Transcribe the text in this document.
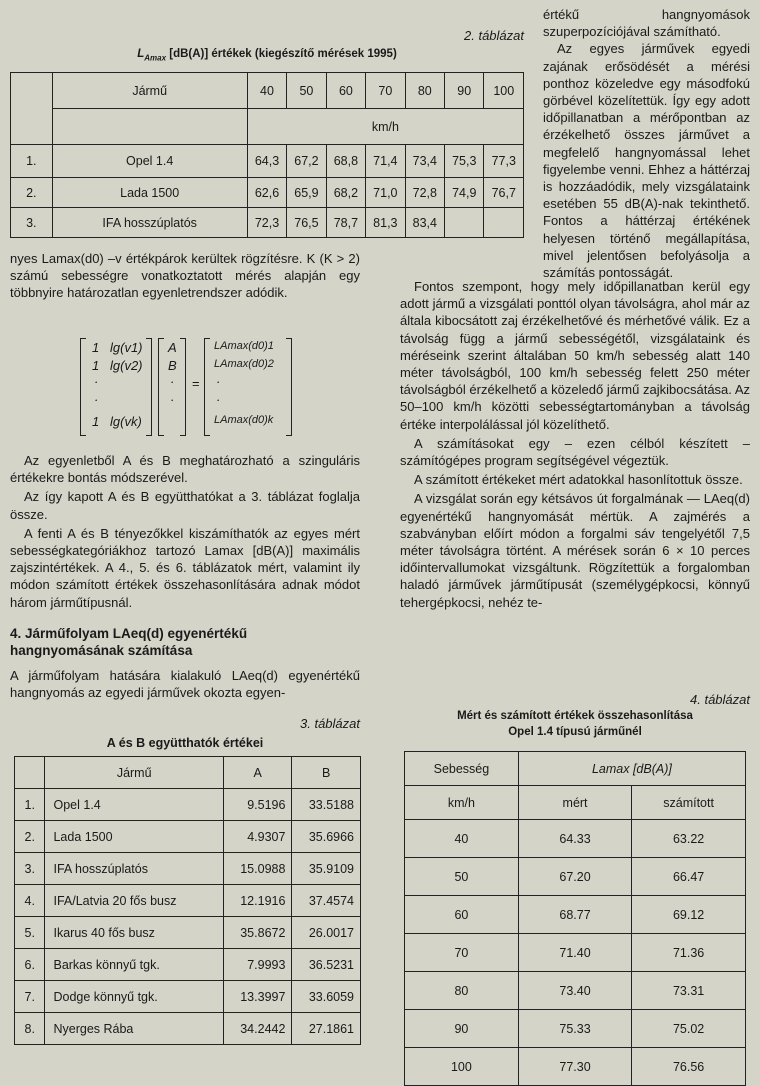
2. táblázat
$L_{Amax}$ [dB(A)] értékek (kiegészítő mérések 1995)
	Jármű	40	50	60	70	80	90	100
		km/h						
1.	Opel 1.4	64,3	67,2	68,8	71,4	73,4	75,3	77,3
2.	Lada 1500	62,6	65,9	68,2	71,0	72,8	74,9	76,7
3.	IFA hosszúplatós	72,3	76,5	78,7	81,3	83,4		

nyes Lamax(d0) –v értékpárok kerültek rögzítésre. K (K > 2) számú sebességre vonatkoztatott mérés alapján egy többnyire határozatlan egyenletrendszer adódik.

1
1
·
·
1
lg(v1)
lg(v2)
lg(vk)
A
B
·
·
=
LAmax(d0)1
LAmax(d0)2
·
·
LAmax(d0)k

Az egyenletből A és B meghatározható a szinguláris értékekre bontás módszerével.

Az így kapott A és B együtthatókat a 3. táblázat foglalja össze.

A fenti A és B tényezőkkel kiszámíthatók az egyes mért sebességkategóriákhoz tartozó Lamax [dB(A)] maximális zajszintértékek. A 4., 5. és 6. táblázatok mért, valamint ily módon számított értékek összehasonlítására adnak módot három járműtípusnál.

4. Járműfolyam LAeq(d) egyenértékű hangnyomásának számítása

A járműfolyam hatására kialakuló LAeq(d) egyenértékű hangnyomás az egyedi járművek okozta egyen-

3. táblázat
A és B együtthatók értékei
	Jármű	A	B
1.	Opel 1.4	9.5196	33.5188
2.	Lada 1500	4.9307	35.6966
3.	IFA hosszúplatós	15.0988	35.9109
4.	IFA/Latvia 20 fős busz	12.1916	37.4574
5.	Ikarus 40 fős busz	35.8672	26.0017
6.	Barkas könnyű tgk.	7.9993	36.5231
7.	Dodge könnyű tgk.	13.3997	33.6059
8.	Nyerges Rába	34.2442	27.1861

értékű hangnyomások szuperpozíciójával számítható.

Az egyes járművek egyedi zajának erősödését a mérési ponthoz közeledve egy másodfokú görbével közelítettük. Így egy adott időpillanatban a mérőpontban az érzékelhető összes járművet a megfelelő hangnyomással lehet figyelembe venni. Ehhez a háttérzaj is hozzáadódik, mely vizsgálataink esetében 55 dB(A)-nak tekinthető. Fontos a háttérzaj értékének helyesen történő megállapítása, mivel jelentősen befolyásolja a számítás pontosságát.

Fontos szempont, hogy mely időpillanatban kerül egy adott jármű a vizsgálati ponttól olyan távolságra, ahol már az általa kibocsátott zaj érzékelhetővé és mérhetővé válik. Ez a távolság függ a jármű sebességétől, vizsgálataink és méréseink szerint általában 50 km/h sebesség alatt 140 méter távolságból, 100 km/h sebesség felett 250 méter távolságból érzékelhető a közeledő jármű zajkibocsátása. Az 50–100 km/h közötti sebességtartományban a távolság értéke interpolálással jól közelíthető.

A számításokat egy – ezen célból készített – számítógépes program segítségével végeztük.

A számított értékeket mért adatokkal hasonlítottuk össze.

A vizsgálat során egy kétsávos út forgalmának — LAeq(d) egyenértékű hangnyomását mértük. A zajmérés a szabványban előírt módon a forgalmi sáv tengelyétől 7,5 méter távolságra történt. A mérések során 6 × 10 perces időintervallumokat vizsgáltunk. Rögzítettük a forgalomban haladó járművek járműtípusát (személygépkocsi, könnyű tehergépkocsi, nehéz te-

4. táblázat
Mért és számított értékek összehasonlítása
Opel 1.4 típusú járműnél
Sebesség	Lamax [dB(A)]	
km/h	mért	számított
40	64.33	63.22
50	67.20	66.47
60	68.77	69.12
70	71.40	71.36
80	73.40	73.31
90	75.33	75.02
100	77.30	76.56
